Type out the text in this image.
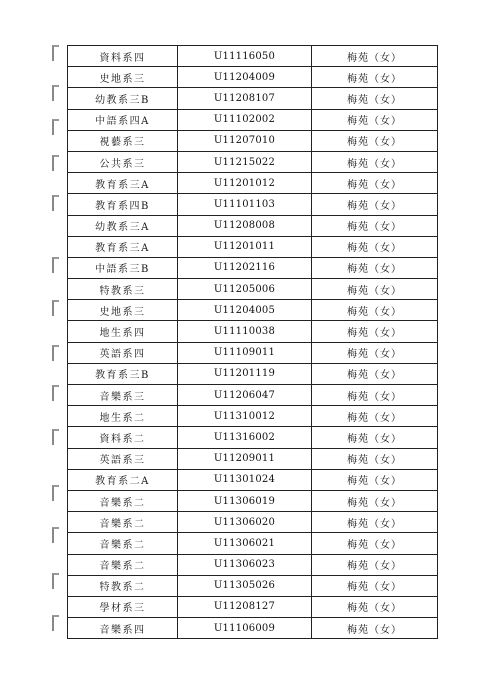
資料系四	U11116050	梅苑（女）
史地系三	U11204009	梅苑（女）
幼教系三B	U11208107	梅苑（女）
中語系四A	U11102002	梅苑（女）
視藝系三	U11207010	梅苑（女）
公共系三	U11215022	梅苑（女）
教育系三A	U11201012	梅苑（女）
教育系四B	U11101103	梅苑（女）
幼教系三A	U11208008	梅苑（女）
教育系三A	U11201011	梅苑（女）
中語系三B	U11202116	梅苑（女）
特教系三	U11205006	梅苑（女）
史地系三	U11204005	梅苑（女）
地生系四	U11110038	梅苑（女）
英語系四	U11109011	梅苑（女）
教育系三B	U11201119	梅苑（女）
音樂系三	U11206047	梅苑（女）
地生系二	U11310012	梅苑（女）
資料系二	U11316002	梅苑（女）
英語系三	U11209011	梅苑（女）
教育系二A	U11301024	梅苑（女）
音樂系二	U11306019	梅苑（女）
音樂系二	U11306020	梅苑（女）
音樂系二	U11306021	梅苑（女）
音樂系二	U11306023	梅苑（女）
特教系二	U11305026	梅苑（女）
學材系三	U11208127	梅苑（女）
音樂系四	U11106009	梅苑（女）
